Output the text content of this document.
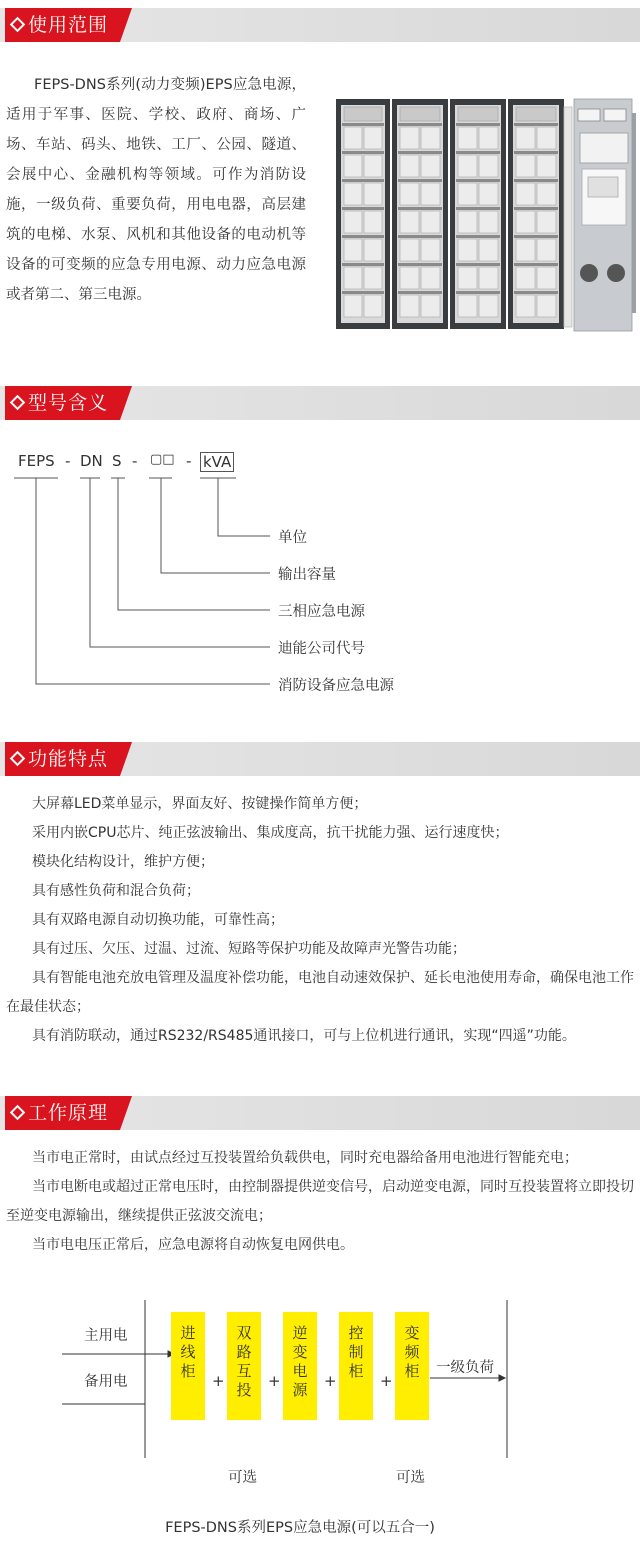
使用范围
FEPS-DNS系列(动力变频)EPS应急电源，适用于军事、医院、学校、政府、商场、广场、车站、码头、地铁、工厂、公园、隧道、会展中心、金融机构等领域。可作为消防设施，一级负荷、重要负荷，用电电器，高层建筑的电梯、水泵、风机和其他设备的电动机等设备的可变频的应急专用电源、动力应急电源或者第二、第三电源。
型号含义
FEPS - DN S - ▢□ - kVA
单位
输出容量
三相应急电源
迪能公司代号
消防设备应急电源
功能特点
大屏幕LED菜单显示，界面友好、按键操作简单方便；
采用内嵌CPU芯片、纯正弦波输出、集成度高，抗干扰能力强、运行速度快；
模块化结构设计，维护方便；
具有感性负荷和混合负荷；
具有双路电源自动切换功能，可靠性高；
具有过压、欠压、过温、过流、短路等保护功能及故障声光警告功能；
具有智能电池充放电管理及温度补偿功能，电池自动速效保护、延长电池使用寿命，确保电池工作在最佳状态；
具有消防联动，通过RS232/RS485通讯接口，可与上位机进行通讯，实现“四遥”功能。
工作原理
当市电正常时，由试点经过互投装置给负载供电，同时充电器给备用电池进行智能充电；
当市电断电或超过正常电压时，由控制器提供逆变信号，启动逆变电源，同时互投装置将立即投切至逆变电源输出，继续提供正弦波交流电；
当市电电压正常后，应急电源将自动恢复电网供电。
主用电
备用电
进
线
柜
+
双
路
互
投	+
逆
变
电
源	+
控
制
柜
+
变
频
柜	一级负荷
可选	可选
FEPS-DNS系列EPS应急电源(可以五合一)
